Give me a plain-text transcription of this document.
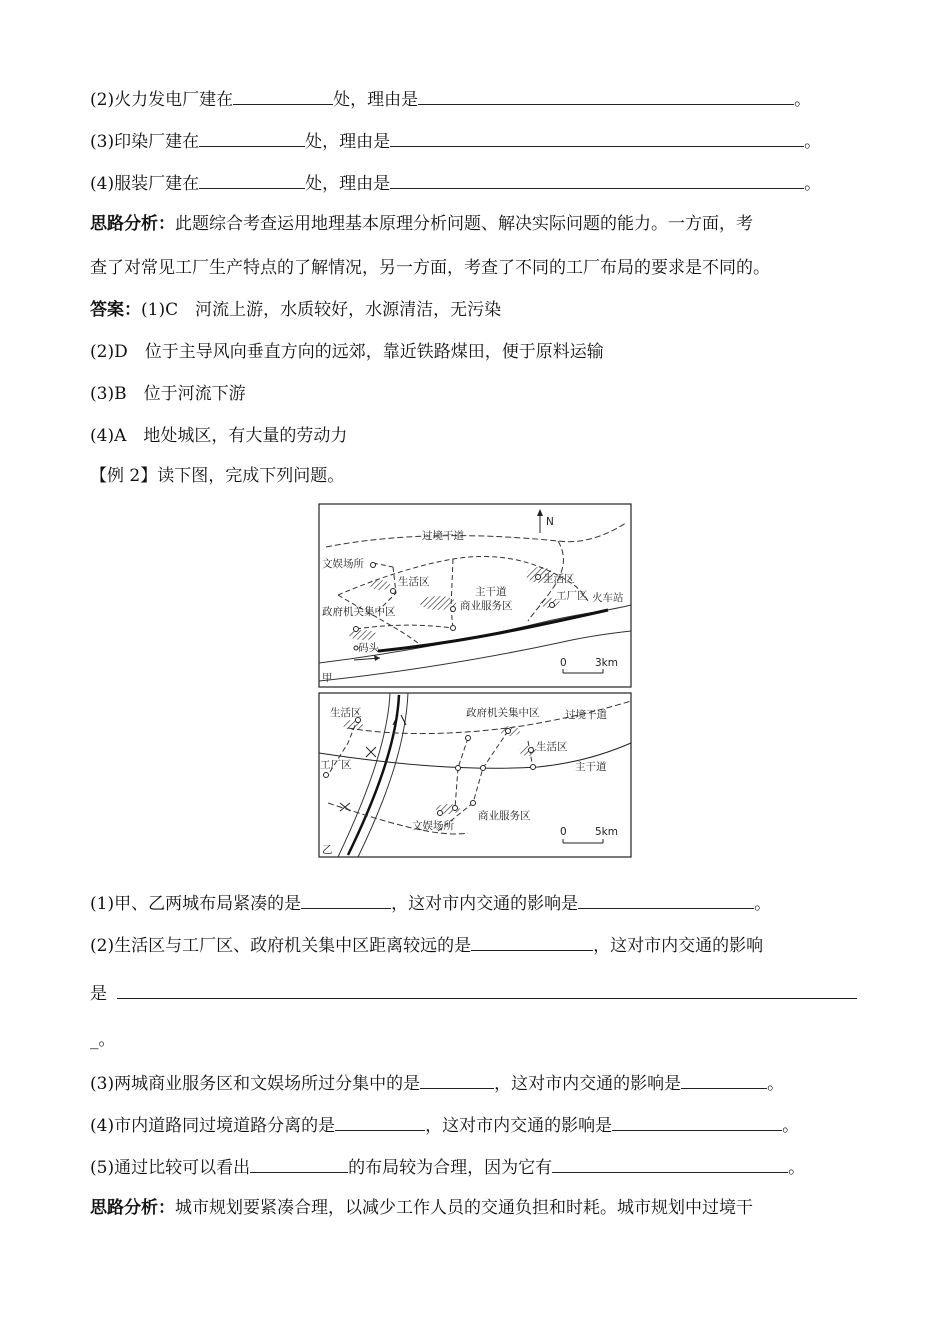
(2)火力发电厂建在	处，理由是	。
(3)印染厂建在	处，理由是	。
(4)服装厂建在	处，理由是	。
思路分析：此题综合考查运用地理基本原理分析问题、解决实际问题的能力。一方面，考
查了对常见工厂生产特点的了解情况，另一方面，考查了不同的工厂布局的要求是不同的。
答案：(1)C　河流上游，水质较好，水源清洁，无污染
(2)D　位于主导风向垂直方向的远郊，靠近铁路煤田，便于原料运输
(3)B　位于河流下游
(4)A　地处城区，有大量的劳动力
【例 2】读下图，完成下列问题。
N
0	3km
过境干道
文娱场所
生活区
政府机关集中区
主干道
商业服务区
生活区
工厂区 火车站
码头
甲
0	5km
生活区	政府机关集中区 过境干道
生活区
工厂区	主干道
商业服务区
文娱场所
乙
(1)甲、乙两城布局紧凑的是	，这对市内交通的影响是	。
(2)生活区与工厂区、政府机关集中区距离较远的是	，这对市内交通的影响
是
_。
(3)两城商业服务区和文娱场所过分集中的是	，这对市内交通的影响是	。
(4)市内道路同过境道路分离的是	，这对市内交通的影响是	。
(5)通过比较可以看出	的布局较为合理，因为它有	。
思路分析：城市规划要紧凑合理，以减少工作人员的交通负担和时耗。城市规划中过境干
